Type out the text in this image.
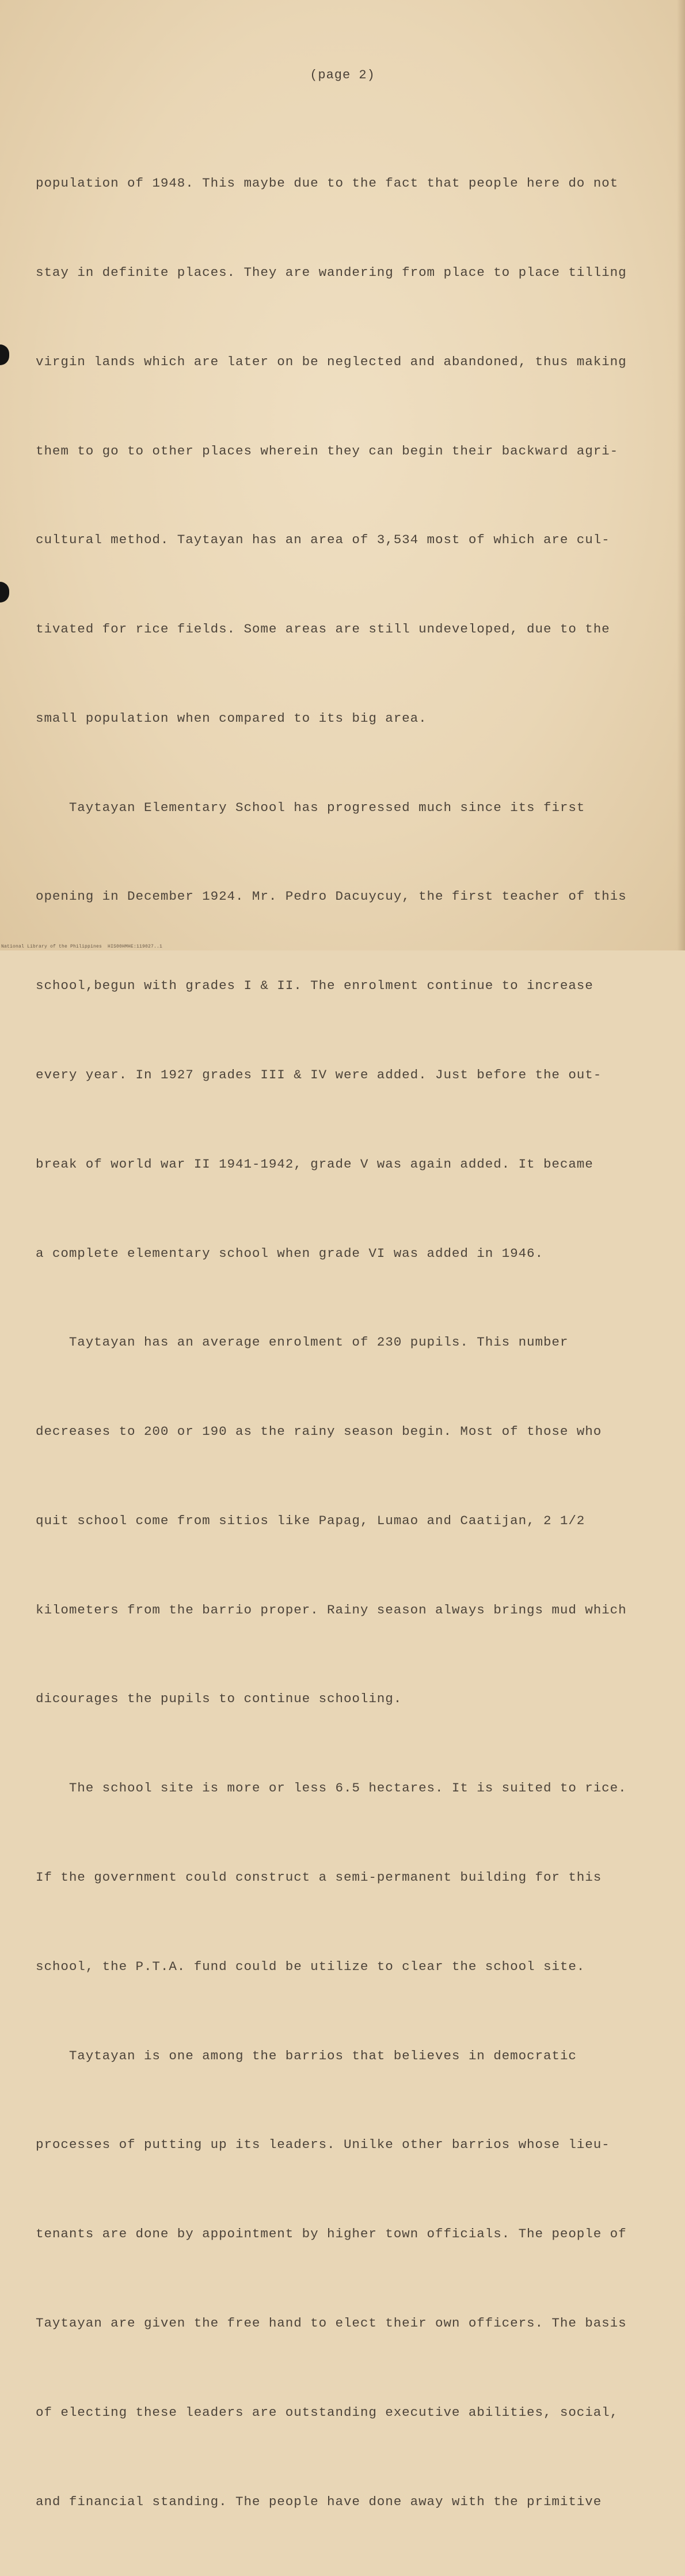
(page 2)

population of 1948. This maybe due to the fact that people here do not

stay in definite places. They are wandering from place to place tilling

virgin lands which are later on be neglected and abandoned, thus making

them to go to other places wherein they can begin their backward agri-

cultural method. Taytayan has an area of 3,534 most of which are cul-

tivated for rice fields. Some areas are still undeveloped, due to the

small population when compared to its big area.

Taytayan Elementary School has progressed much since its first

opening in December 1924. Mr. Pedro Dacuycuy, the first teacher of this

school,begun with grades I & II. The enrolment continue to increase

every year. In 1927 grades III & IV were added. Just before the out-

break of world war II 1941-1942, grade V was again added. It became

a complete elementary school when grade VI was added in 1946.

Taytayan has an average enrolment of 230 pupils. This number

decreases to 200 or 190 as the rainy season begin. Most of those who

quit school come from sitios like Papag, Lumao and Caatijan, 2 1/2

kilometers from the barrio proper. Rainy season always brings mud which

dicourages the pupils to continue schooling.

The school site is more or less 6.5 hectares. It is suited to rice.

If the government could construct a semi-permanent building for this

school, the P.T.A. fund could be utilize to clear the school site.

Taytayan is one among the barrios that believes in democratic

processes of putting up its leaders. Unilke other barrios whose lieu-

tenants are done by appointment by higher town officials. The people of

Taytayan are given the free hand to elect their own officers. The basis

of electing these leaders are outstanding executive abilities, social,

and financial standing. The people have done away with the primitive

National Library of the Philippines  HIS00HMHE:119027..1
